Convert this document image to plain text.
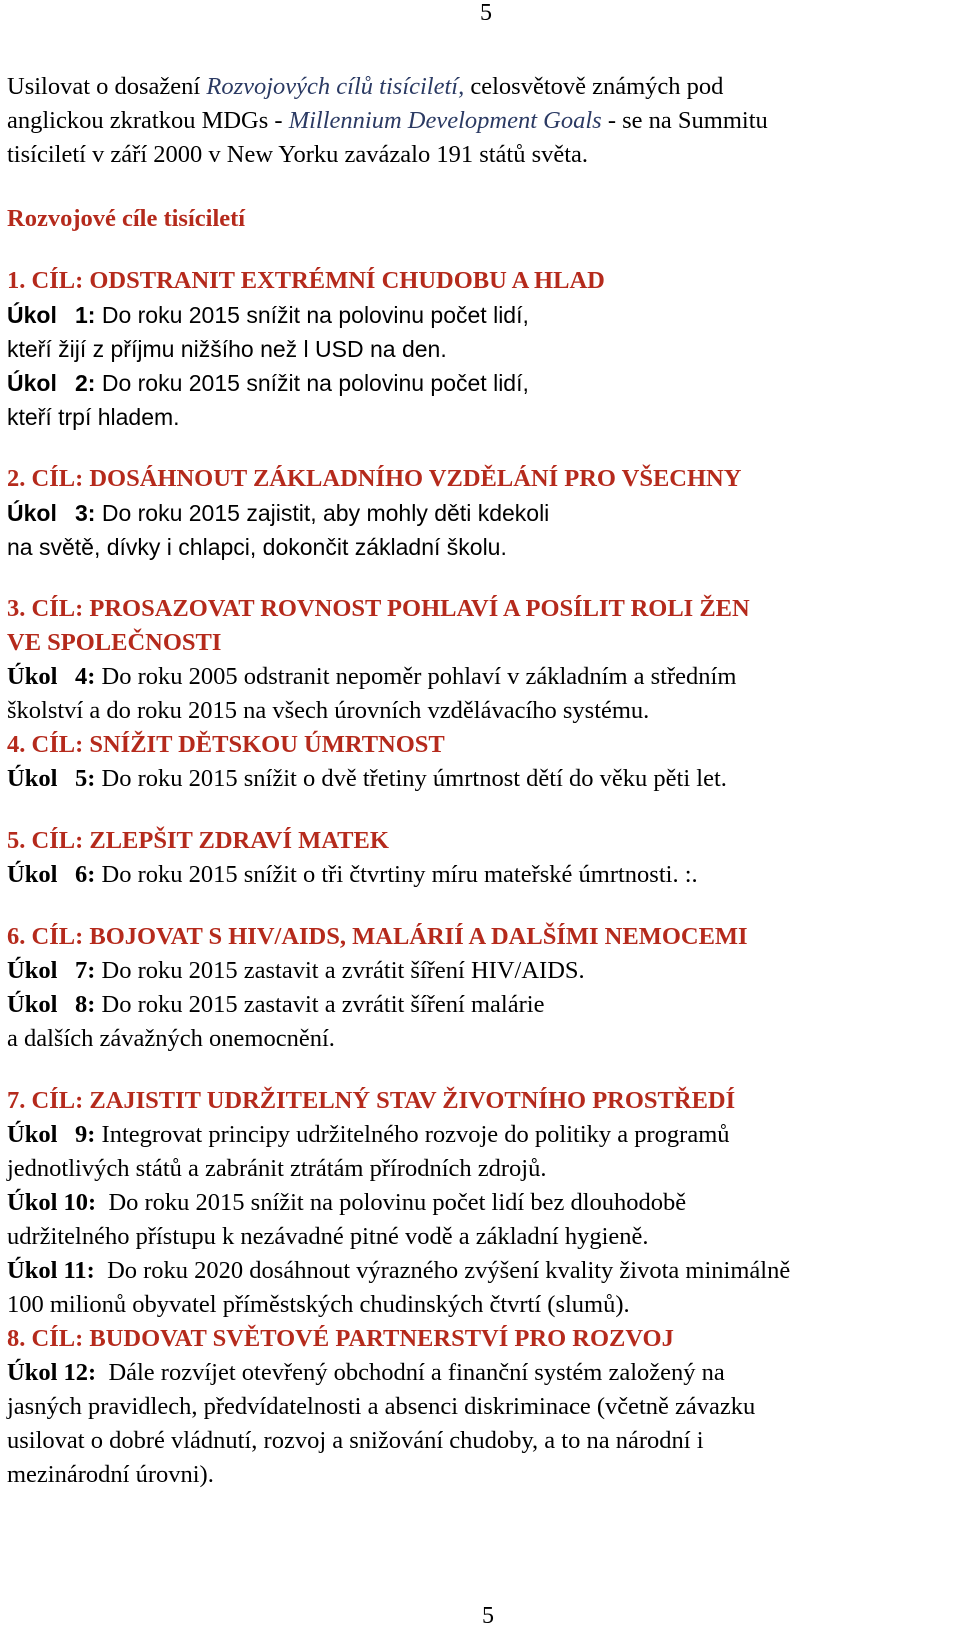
5

Usilovat o dosažení Rozvojových cílů tisíciletí, celosvětově známých pod

anglickou zkratkou MDGs - Millennium Development Goals - se na Summitu

tisíciletí v září 2000 v New Yorku zavázalo 191 států světa.

Rozvojové cíle tisíciletí

1. CÍL: ODSTRANIT EXTRÉMNÍ CHUDOBU A HLAD

Úkol 1: Do roku 2015 snížit na polovinu počet lidí,

kteří žijí z příjmu nižšího než l USD na den.

Úkol 2: Do roku 2015 snížit na polovinu počet lidí,

kteří trpí hladem.

2. CÍL: DOSÁHNOUT ZÁKLADNÍHO VZDĚLÁNÍ PRO VŠECHNY

Úkol 3: Do roku 2015 zajistit, aby mohly děti kdekoli

na světě, dívky i chlapci, dokončit základní školu.

3. CÍL: PROSAZOVAT ROVNOST POHLAVÍ A POSÍLIT ROLI ŽEN

VE SPOLEČNOSTI

Úkol 4: Do roku 2005 odstranit nepoměr pohlaví v základním a středním

školství a do roku 2015 na všech úrovních vzdělávacího systému.

4. CÍL: SNÍŽIT DĚTSKOU ÚMRTNOST

Úkol 5: Do roku 2015 snížit o dvě třetiny úmrtnost dětí do věku pěti let.

5. CÍL: ZLEPŠIT ZDRAVÍ MATEK

Úkol 6: Do roku 2015 snížit o tři čtvrtiny míru mateřské úmrtnosti. :.

6. CÍL: BOJOVAT S HIV/AIDS, MALÁRIÍ A DALŠÍMI NEMOCEMI

Úkol 7: Do roku 2015 zastavit a zvrátit šíření HIV/AIDS.

Úkol 8: Do roku 2015 zastavit a zvrátit šíření malárie

a dalších závažných onemocnění.

7. CÍL: ZAJISTIT UDRŽITELNÝ STAV ŽIVOTNÍHO PROSTŘEDÍ

Úkol 9: Integrovat principy udržitelného rozvoje do politiky a programů

jednotlivých států a zabránit ztrátám přírodních zdrojů.

Úkol 10: Do roku 2015 snížit na polovinu počet lidí bez dlouhodobě

udržitelného přístupu k nezávadné pitné vodě a základní hygieně.

Úkol 11: Do roku 2020 dosáhnout výrazného zvýšení kvality života minimálně

100 milionů obyvatel příměstských chudinských čtvrtí (slumů).

8. CÍL: BUDOVAT SVĚTOVÉ PARTNERSTVÍ PRO ROZVOJ

Úkol 12: Dále rozvíjet otevřený obchodní a finanční systém založený na

jasných pravidlech, předvídatelnosti a absenci diskriminace (včetně závazku

usilovat o dobré vládnutí, rozvoj a snižování chudoby, a to na národní i

mezinárodní úrovni).

5
